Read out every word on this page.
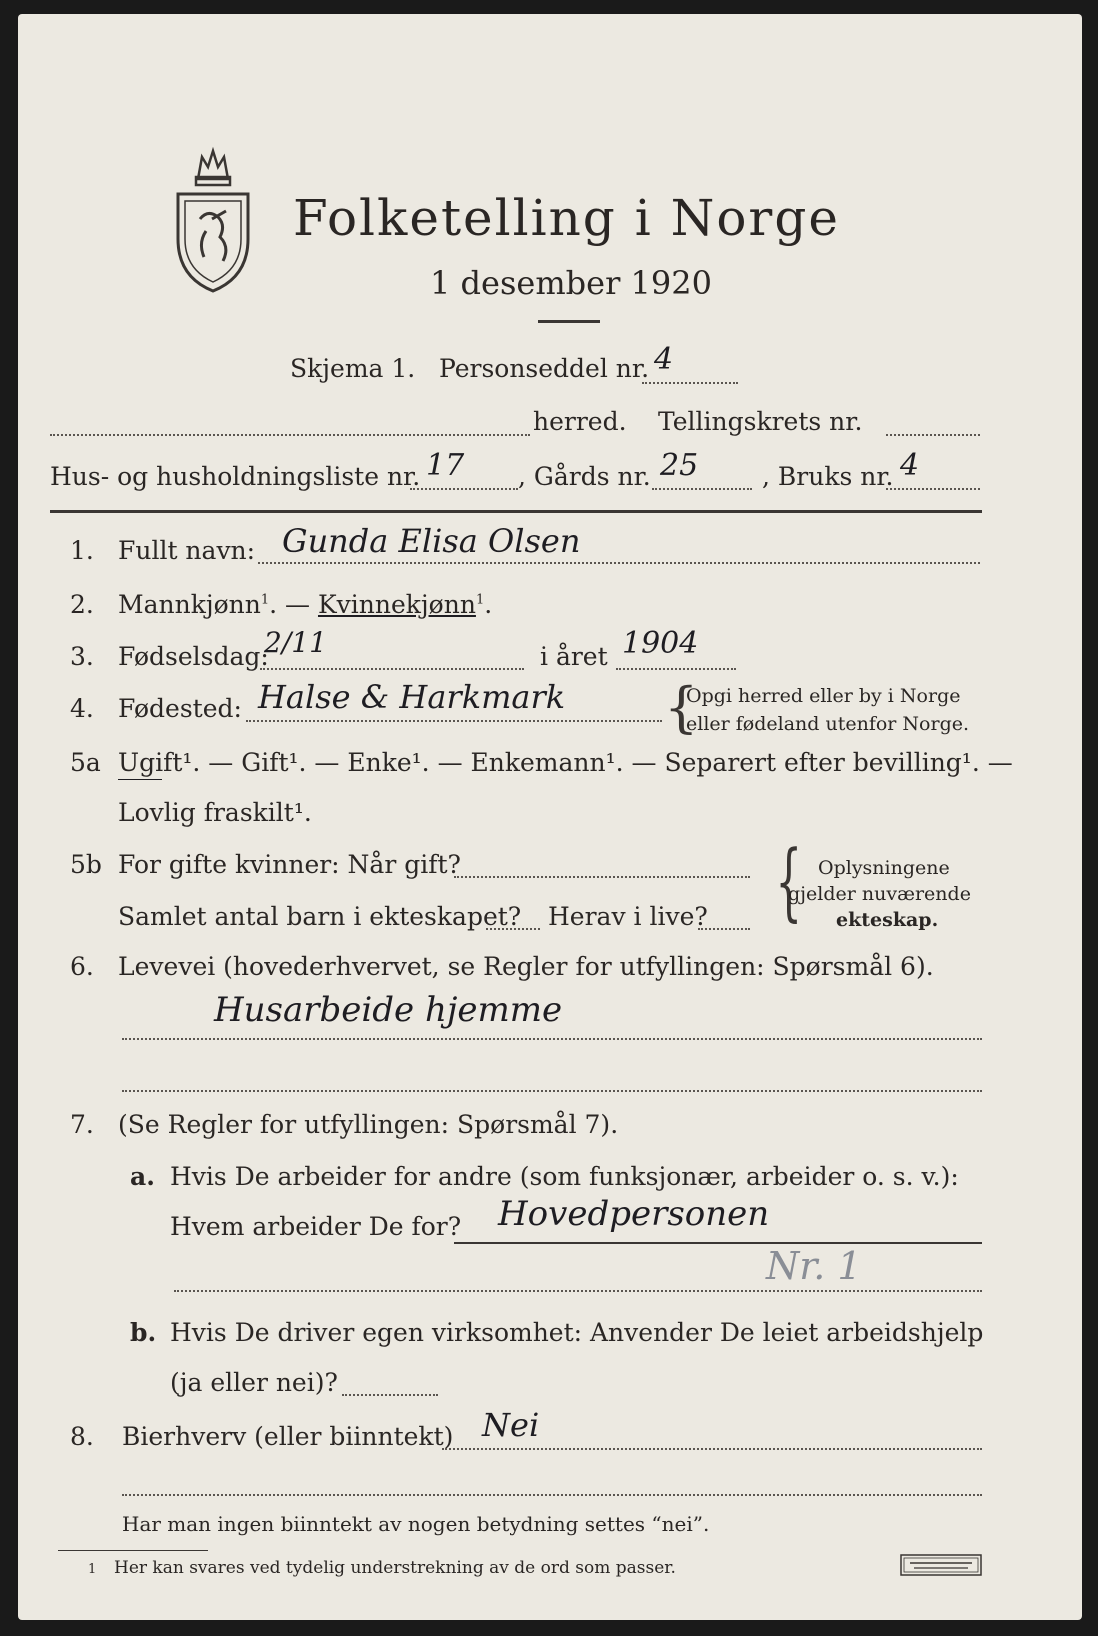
Folketelling i Norge
1 desember 1920
Skjema 1. Personseddel nr. 4
herred. Tellingskrets nr.
Hus- og husholdningsliste nr. 17 , Gårds nr. 25	, Bruks nr. 4
1. Fullt navn: Gunda Elisa Olsen
2. Mannkjønn$^1$. — Kvinnekjønn$^1$.
3. Fødselsdag:
2/11	i året 1904
4. Fødested: Halse & Harkmark {
Opgi herred eller by i Norge
eller fødeland utenfor Norge.
5a Ugift¹. — Gift¹. — Enke¹. — Enkemann¹. — Separert efter bevilling¹. —
Lovlig fraskilt¹.
5b For gifte kvinner: Når gift?
Samlet antal barn i ekteskapet? Herav i live? { Oplysningene
gjelder nuværende
ekteskap.
6. Levevei (hovederhvervet, se Regler for utfyllingen: Spørsmål 6).
Husarbeide hjemme
7. (Se Regler for utfyllingen: Spørsmål 7).
a. Hvis De arbeider for andre (som funksjonær, arbeider o. s. v.):
Hvem arbeider De for? Hovedpersonen
Nr. 1
b. Hvis De driver egen virksomhet: Anvender De leiet arbeidshjelp
(ja eller nei)?
8. Bierhverv (eller biinntekt) Nei
Har man ingen biinntekt av nogen betydning settes “nei”.
1 Her kan svares ved tydelig understrekning av de ord som passer.
